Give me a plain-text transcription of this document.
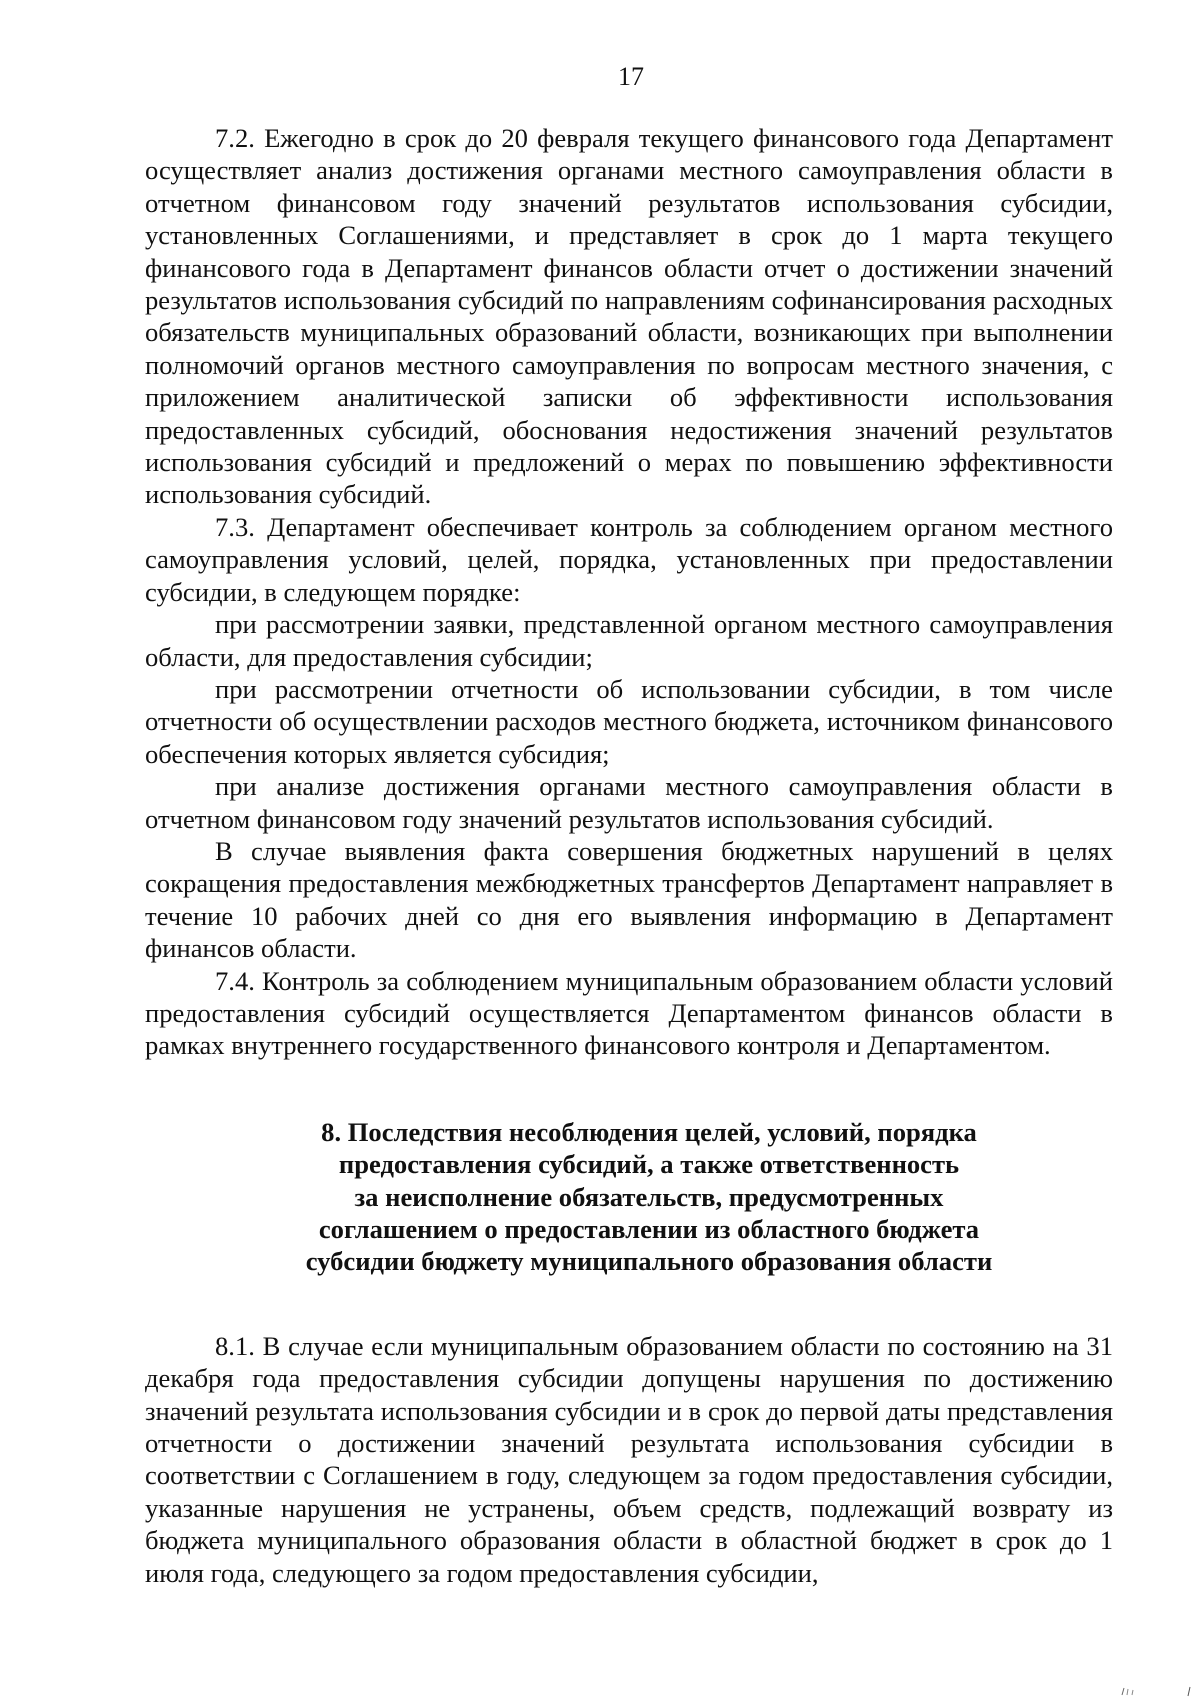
17

7.2. Ежегодно в срок до 20 февраля текущего финансового года Департамент осуществляет анализ достижения органами местного самоуправления области в отчетном финансовом году значений результатов использования субсидии, установленных Соглашениями, и представляет в срок до 1 марта текущего финансового года в Департамент финансов области отчет о достижении значений результатов использования субсидий по направлениям софинансирования расходных обязательств муниципальных образований области, возникающих при выполнении полномочий органов местного самоуправления по вопросам местного значения, с приложением аналитической записки об эффективности использования предоставленных субсидий, обоснования недостижения значений результатов использования субсидий и предложений о мерах по повышению эффективности использования субсидий.

7.3. Департамент обеспечивает контроль за соблюдением органом местного самоуправления условий, целей, порядка, установленных при предоставлении субсидии, в следующем порядке:

при рассмотрении заявки, представленной органом местного самоуправления области, для предоставления субсидии;

при рассмотрении отчетности об использовании субсидии, в том числе отчетности об осуществлении расходов местного бюджета, источником финансового обеспечения которых является субсидия;

при анализе достижения органами местного самоуправления области в отчетном финансовом году значений результатов использования субсидий.

В случае выявления факта совершения бюджетных нарушений в целях сокращения предоставления межбюджетных трансфертов Департамент направляет в течение 10 рабочих дней со дня его выявления информацию в Департамент финансов области.

7.4. Контроль за соблюдением муниципальным образованием области условий предоставления субсидий осуществляется Департаментом финансов области в рамках внутреннего государственного финансового контроля и Департаментом.

8. Последствия несоблюдения целей, условий, порядка
предоставления субсидий, а также ответственность
за неисполнение обязательств, предусмотренных
соглашением о предоставлении из областного бюджета
субсидии бюджету муниципального образования области

8.1. В случае если муниципальным образованием области по состоянию на 31 декабря года предоставления субсидии допущены нарушения по достижению значений результата использования субсидии и в срок до первой даты представления отчетности о достижении значений результата использования субсидии в соответствии с Соглашением в году, следующем за годом предоставления субсидии, указанные нарушения не устранены, объем средств, подлежащий возврату из бюджета муниципального образования области в областной бюджет в срок до 1 июля года, следующего за годом предоставления субсидии,
